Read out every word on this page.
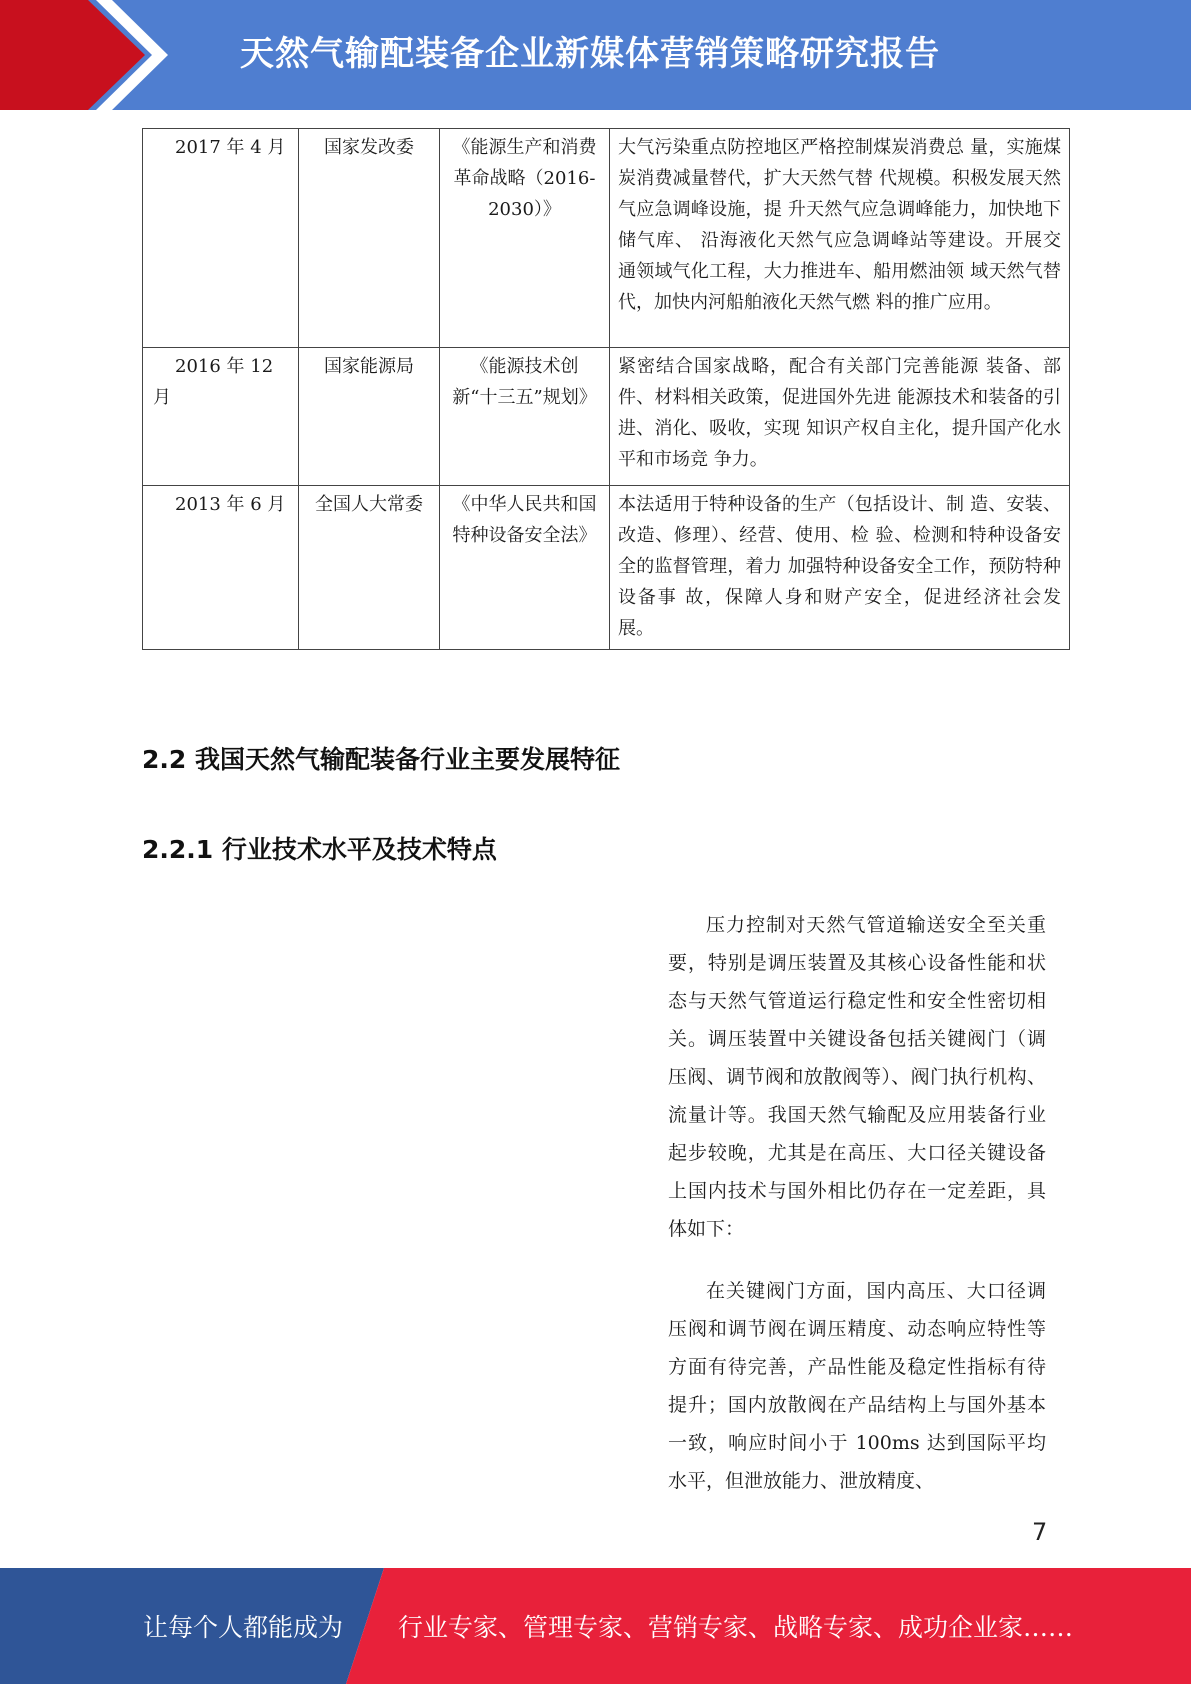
天然气输配装备企业新媒体营销策略研究报告
2017 年 4 月	国家发改委	《能源生产和消费革命战略（2016-2030）》	大气污染重点防控地区严格控制煤炭消费总 量，实施煤炭消费减量替代，扩大天然气替 代规模。积极发展天然气应急调峰设施，提 升天然气应急调峰能力，加快地下储气库、 沿海液化天然气应急调峰站等建设。开展交 通领域气化工程，大力推进车、船用燃油领 域天然气替代，加快内河船舶液化天然气燃 料的推广应用。
2016 年 12 月	国家能源局	《能源技术创新“十三五”规划》	紧密结合国家战略，配合有关部门完善能源 装备、部件、材料相关政策，促进国外先进 能源技术和装备的引进、消化、吸收，实现 知识产权自主化，提升国产化水平和市场竞 争力。
2013 年 6 月	全国人大常委	《中华人民共和国特种设备安全法》	本法适用于特种设备的生产（包括设计、制 造、安装、改造、修理）、经营、使用、检 验、检测和特种设备安全的监督管理，着力 加强特种设备安全工作，预防特种设备事 故，保障人身和财产安全，促进经济社会发 展。
2.2 我国天然气输配装备行业主要发展特征
2.2.1 行业技术水平及技术特点

压力控制对天然气管道输送安全至关重要，特别是调压装置及其核心设备性能和状态与天然气管道运行稳定性和安全性密切相关。调压装置中关键设备包括关键阀门（调压阀、调节阀和放散阀等）、阀门执行机构、流量计等。我国天然气输配及应用装备行业起步较晚，尤其是在高压、大口径关键设备上国内技术与国外相比仍存在一定差距，具体如下：

在关键阀门方面，国内高压、大口径调压阀和调节阀在调压精度、动态响应特性等方面有待完善，产品性能及稳定性指标有待提升；国内放散阀在产品结构上与国外基本一致，响应时间小于 100ms 达到国际平均水平，但泄放能力、泄放精度、

7
让每个人都能成为 行业专家、管理专家、营销专家、战略专家、成功企业家……
